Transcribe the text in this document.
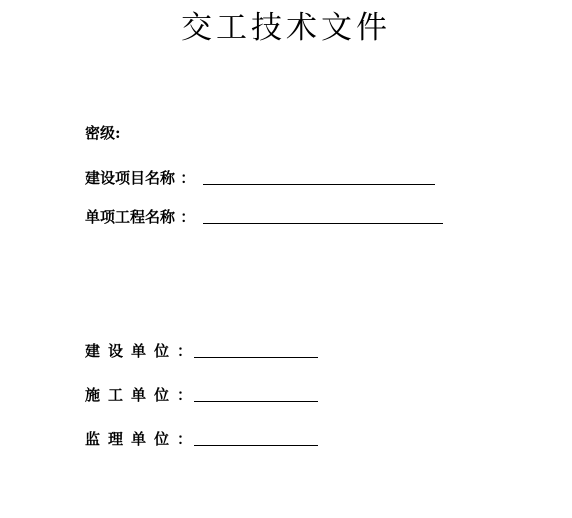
交工技术文件
密级:
建设项目名称 ：
单项工程名称 ：
建设单位：
施工单位：
监理单位：
